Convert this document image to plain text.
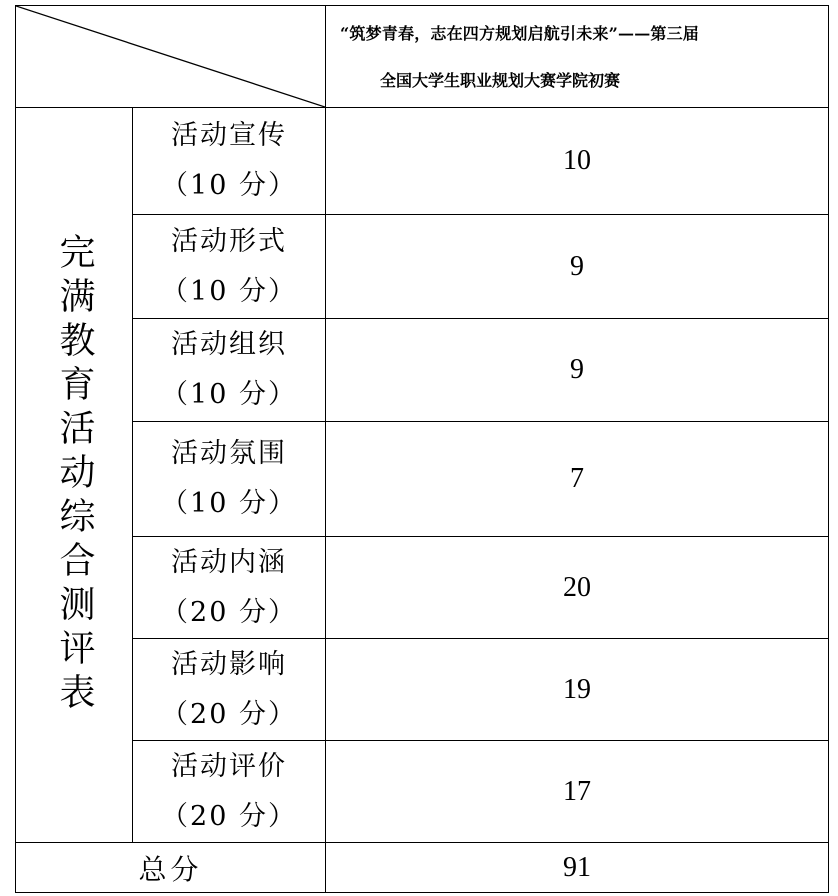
“筑梦青春，志在四方规划启航引未来”——第三届
全国大学生职业规划大赛学院初赛

完满教育活动综合测评表	活动宣传
（10 分）	10

	活动形式
（10 分）	9

	活动组织
（10 分）	9

	活动氛围
（10 分）	7

	活动内涵
（20 分）	20

	活动影响
（20 分）	19

	活动评价
（20 分）	17
总分		91
